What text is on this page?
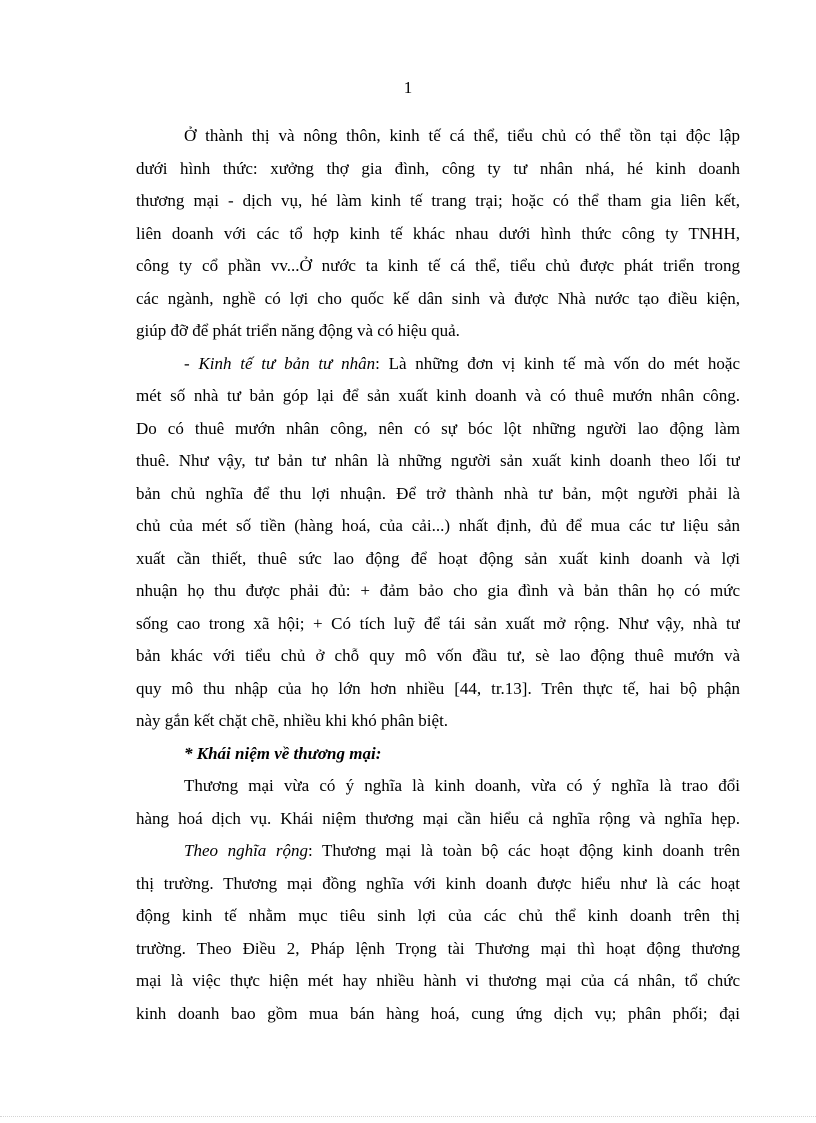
1
Ở thành thị và nông thôn, kinh tế cá thể, tiểu chủ có thể tồn tại độc lập
dưới hình thức: xưởng thợ gia đình, công ty tư nhân nhá, hé kinh doanh
thương mại - dịch vụ, hé làm kinh tế trang trại; hoặc có thể tham gia liên kết,
liên doanh với các tổ hợp kinh tế khác nhau dưới hình thức công ty TNHH,
công ty cổ phần vv...Ở nước ta kinh tế cá thể, tiểu chủ được phát triển trong
các ngành, nghề có lợi cho quốc kế dân sinh và được Nhà nước tạo điều kiện,
giúp đỡ để phát triển năng động và có hiệu quả.
- Kinh tế tư bản tư nhân: Là những đơn vị kinh tế mà vốn do mét hoặc
mét số nhà tư bản góp lại để sản xuất kinh doanh và có thuê mướn nhân công.
Do có thuê mướn nhân công, nên có sự bóc lột những người lao động làm
thuê. Như vậy, tư bản tư nhân là những người sản xuất kinh doanh theo lối tư
bản chủ nghĩa để thu lợi nhuận. Để trở thành nhà tư bản, một người phải là
chủ của mét số tiền (hàng hoá, của cải...) nhất định, đủ để mua các tư liệu sản
xuất cần thiết, thuê sức lao động để hoạt động sản xuất kinh doanh và lợi
nhuận họ thu được phải đủ: + đảm bảo cho gia đình và bản thân họ có mức
sống cao trong xã hội; + Có tích luỹ để tái sản xuất mở rộng. Như vậy, nhà tư
bản khác với tiểu chủ ở chỗ quy mô vốn đầu tư, sè lao động thuê mướn và
quy mô thu nhập của họ lớn hơn nhiều [44, tr.13]. Trên thực tế, hai bộ phận
này gắn kết chặt chẽ, nhiều khi khó phân biệt.
* Khái niệm về thương mại:
Thương mại vừa có ý nghĩa là kinh doanh, vừa có ý nghĩa là trao đổi
hàng hoá dịch vụ. Khái niệm thương mại cần hiểu cả nghĩa rộng và nghĩa hẹp.
Theo nghĩa rộng: Thương mại là toàn bộ các hoạt động kinh doanh trên
thị trường. Thương mại đồng nghĩa với kinh doanh được hiểu như là các hoạt
động kinh tế nhằm mục tiêu sinh lợi của các chủ thể kinh doanh trên thị
trường. Theo Điều 2, Pháp lệnh Trọng tài Thương mại thì hoạt động thương
mại là việc thực hiện mét hay nhiều hành vi thương mại của cá nhân, tổ chức
kinh doanh bao gồm mua bán hàng hoá, cung ứng dịch vụ; phân phối; đại
